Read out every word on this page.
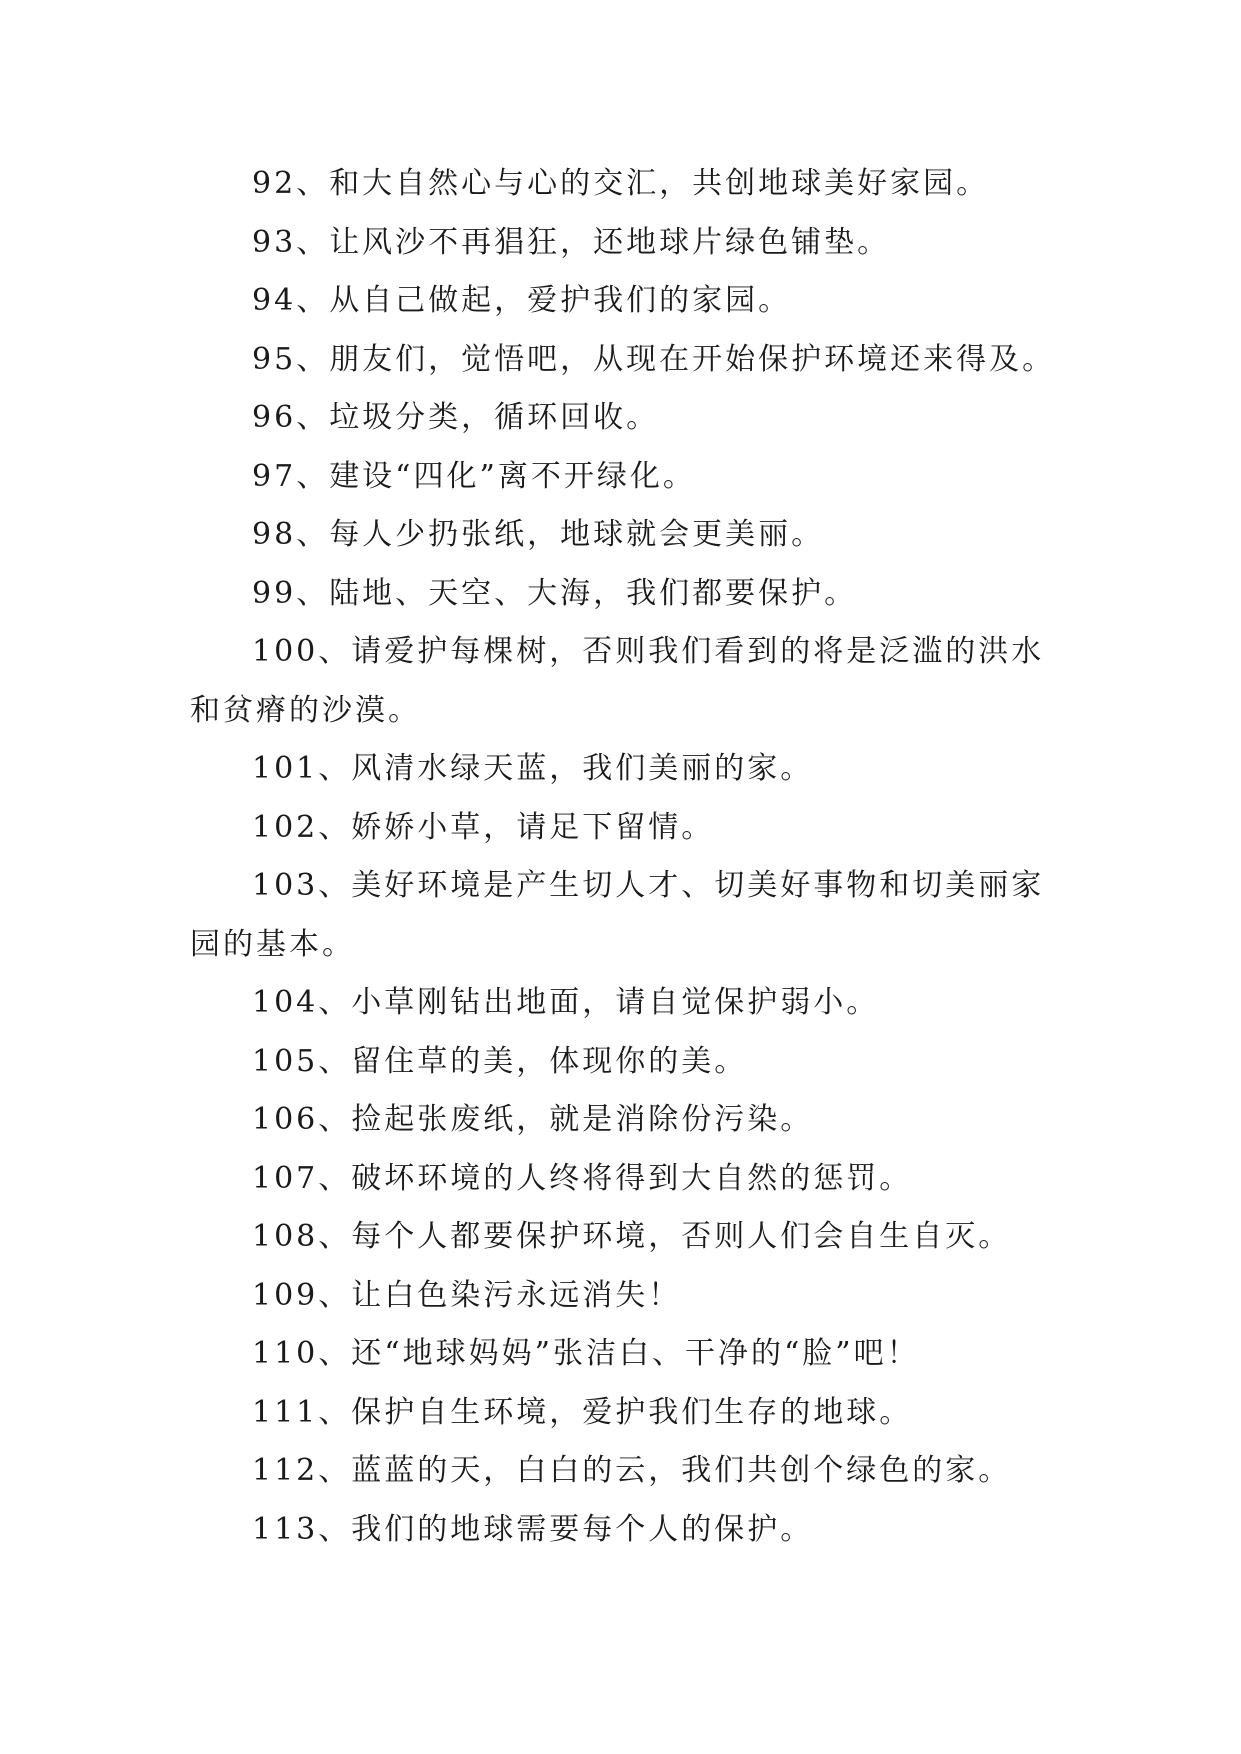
92、和大自然心与心的交汇，共创地球美好家园。
93、让风沙不再猖狂，还地球片绿色铺垫。
94、从自己做起，爱护我们的家园。
95、朋友们，觉悟吧，从现在开始保护环境还来得及。
96、垃圾分类，循环回收。
97、建设“四化”离不开绿化。
98、每人少扔张纸，地球就会更美丽。
99、陆地、天空、大海，我们都要保护。
100、请爱护每棵树，否则我们看到的将是泛滥的洪水
和贫瘠的沙漠。
101、风清水绿天蓝，我们美丽的家。
102、娇娇小草，请足下留情。
103、美好环境是产生切人才、切美好事物和切美丽家
园的基本。
104、小草刚钻出地面，请自觉保护弱小。
105、留住草的美，体现你的美。
106、捡起张废纸，就是消除份污染。
107、破坏环境的人终将得到大自然的惩罚。
108、每个人都要保护环境，否则人们会自生自灭。
109、让白色染污永远消失！
110、还“地球妈妈”张洁白、干净的“脸”吧！
111、保护自生环境，爱护我们生存的地球。
112、蓝蓝的天，白白的云，我们共创个绿色的家。
113、我们的地球需要每个人的保护。
